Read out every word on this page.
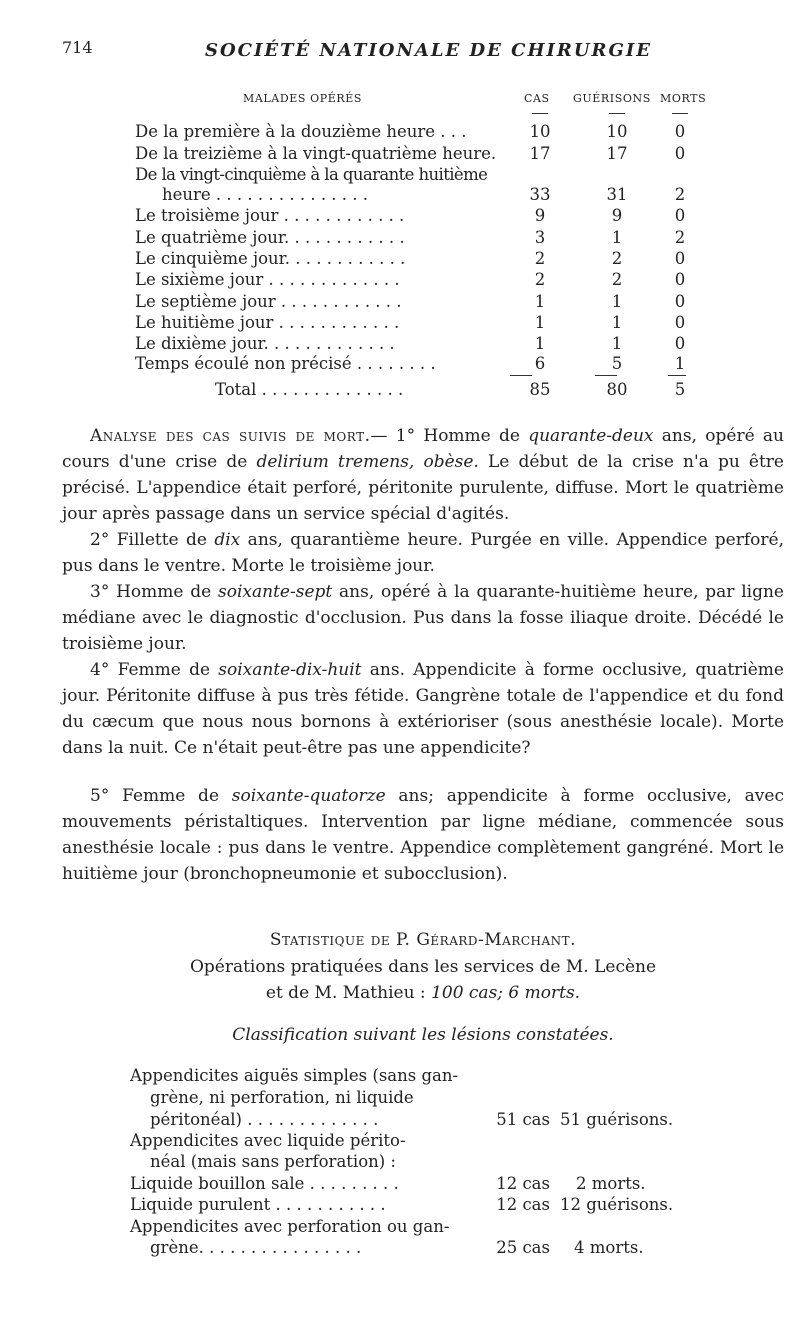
714	SOCIÉTÉ NATIONALE DE CHIRURGIE
MALADES OPÉRÉS	CAS GUÉRISONS MORTS
De la première à la douzième heure . . .	10	10	0
De la treizième à la vingt-quatrième heure.	17	17	0
De la vingt-cinquième à la quarante huitième
heure . . . . . . . . . . . . . . .	33	31	2
Le troisième jour . . . . . . . . . . . .	9	9	0
Le quatrième jour. . . . . . . . . . . .	3	1	2
Le cinquième jour. . . . . . . . . . . .	2	2	0
Le sixième jour . . . . . . . . . . . . .	2	2	0
Le septième jour . . . . . . . . . . . .	1	1	0
Le huitième jour . . . . . . . . . . . .	1	1	0
Le dixième jour. . . . . . . . . . . . .	1	1	0
Temps écoulé non précisé . . . . . . . .	6	5	1
Total . . . . . . . . . . . . . .	85	80	5
Analyse des cas suivis de mort.— 1° Homme de quarante-deux ans, opéré au cours d'une crise de delirium tremens, obèse. Le début de la crise n'a pu être précisé. L'appendice était perforé, péritonite purulente, diffuse. Mort le quatrième jour après passage dans un service spécial d'agités.
2° Fillette de dix ans, quarantième heure. Purgée en ville. Appendice perforé, pus dans le ventre. Morte le troisième jour.
3° Homme de soixante-sept ans, opéré à la quarante-huitième heure, par ligne médiane avec le diagnostic d'occlusion. Pus dans la fosse iliaque droite. Décédé le troisième jour.
4° Femme de soixante-dix-huit ans. Appendicite à forme occlusive, quatrième jour. Péritonite diffuse à pus très fétide. Gangrène totale de l'appendice et du fond du cæcum que nous nous bornons à extérioriser (sous anesthésie locale). Morte dans la nuit. Ce n'était peut-être pas une appendicite?
5° Femme de soixante-quatorze ans; appendicite à forme occlusive, avec mouvements péristaltiques. Intervention par ligne médiane, commencée sous anesthésie locale : pus dans le ventre. Appendice complètement gangréné. Mort le huitième jour (bronchopneumonie et subocclusion).
Statistique de P. Gérard-Marchant.
Opérations pratiquées dans les services de M. Lecène
et de M. Mathieu : 100 cas; 6 morts.
Classification suivant les lésions constatées.
Appendicites aiguës simples (sans gan-
grène, ni perforation, ni liquide
péritonéal) . . . . . . . . . . . . .	51 cas 51 guérisons.
Appendicites avec liquide périto-
néal (mais sans perforation) :
Liquide bouillon sale . . . . . . . . .	12 cas 2 morts.
Liquide purulent . . . . . . . . . . .	12 cas 12 guérisons.
Appendicites avec perforation ou gan-
grène. . . . . . . . . . . . . . . .	25 cas 4 morts.
